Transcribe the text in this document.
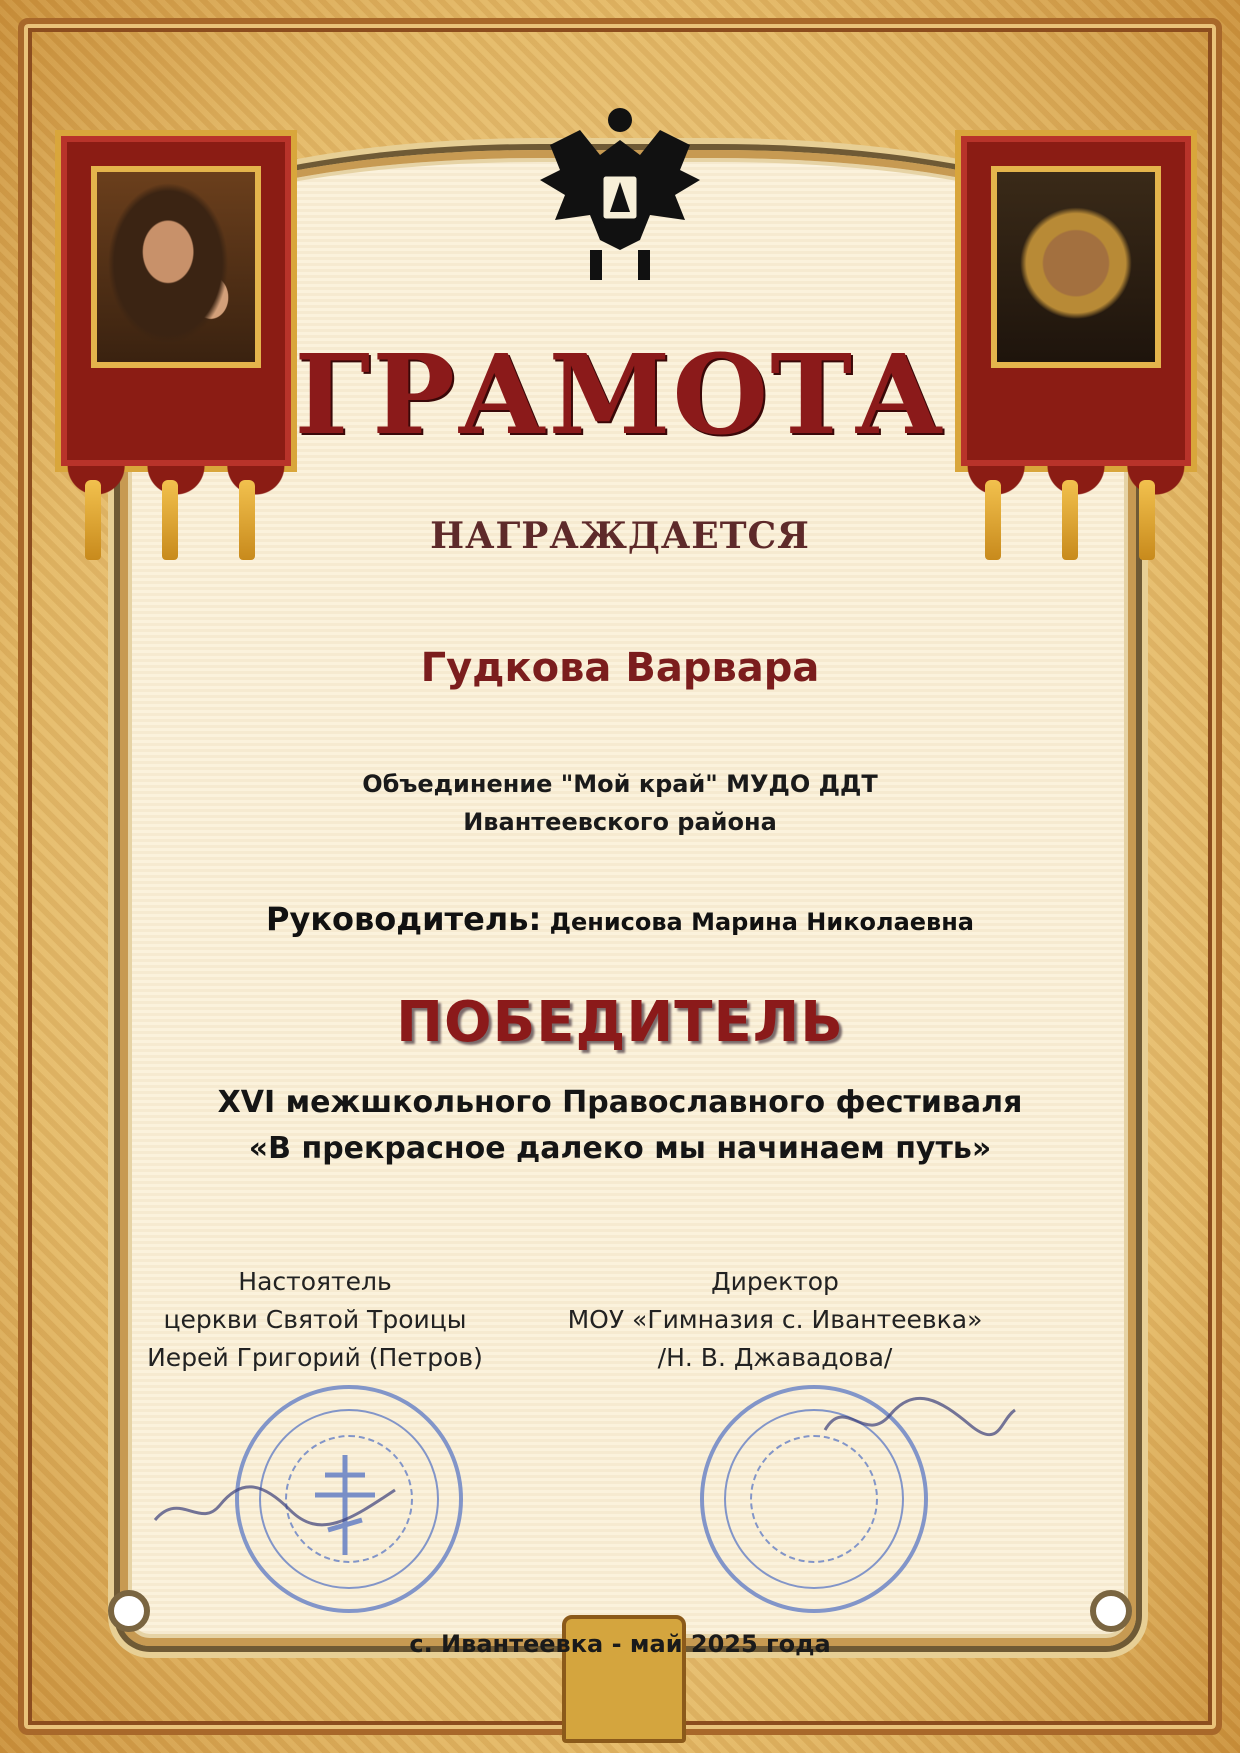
ГРАМОТА
НАГРАЖДАЕТСЯ
Гудкова Варвара
Объединение "Мой край" МУДО ДДТ
Ивантеевского района
Руководитель: Денисова Марина Николаевна
ПОБЕДИТЕЛЬ
XVI межшкольного Православного фестиваля
«В прекрасное далеко мы начинаем путь»
Настоятель
церкви Святой Троицы
Иерей Григорий (Петров)
Директор
МОУ «Гимназия с. Ивантеевка»
/Н. В. Джавадова/
с. Ивантеевка - май 2025 года
